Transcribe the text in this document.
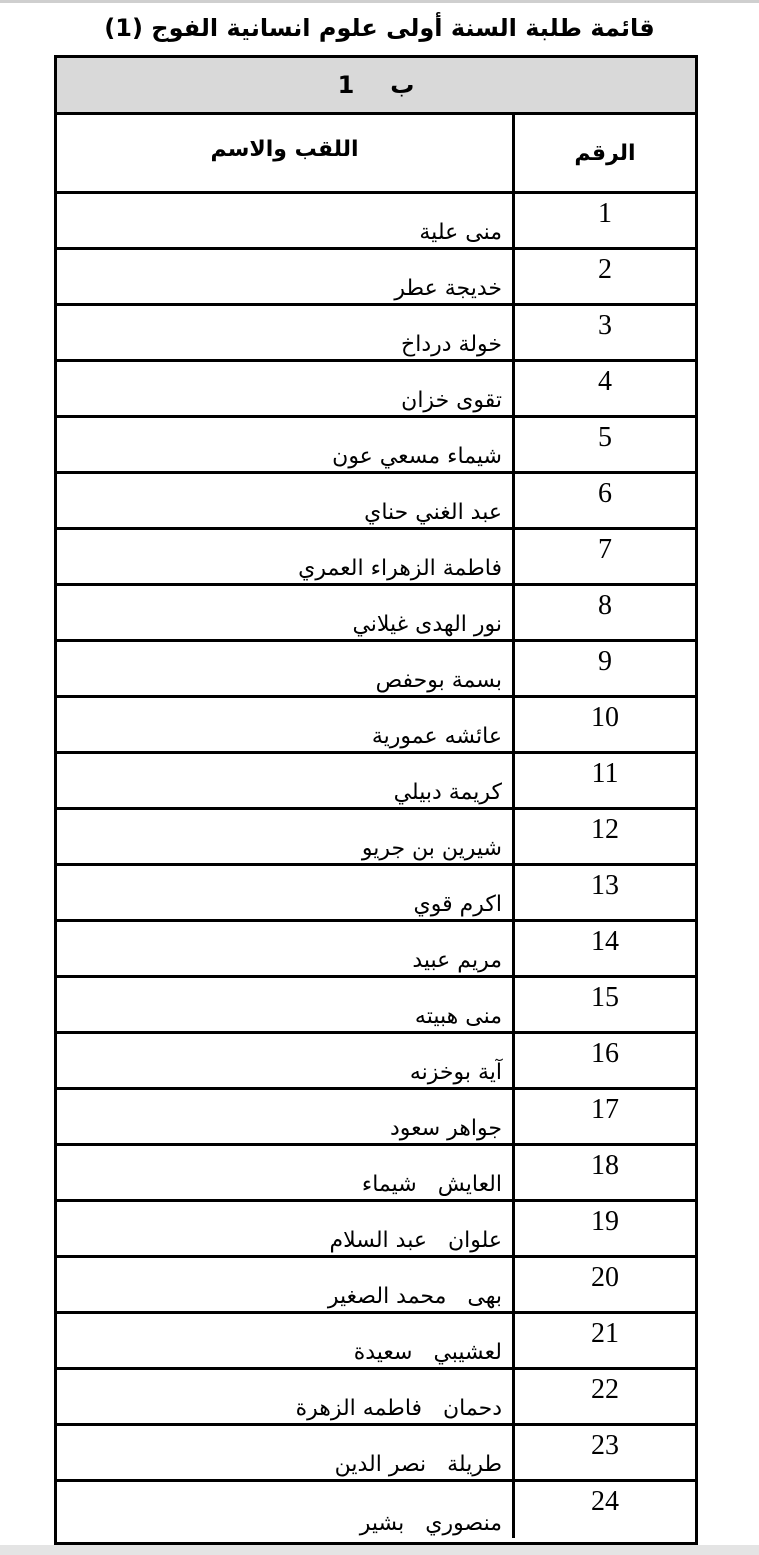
قائمة طلبة السنة أولى علوم انسانية الفوج (1)
ب
1
الرقم
اللقب والاسم
1
منى علية
2
خديجة عطر
3
خولة درداخ
4
تقوى خزان
5
شيماء مسعي عون
6
عبد الغني حناي
7
فاطمة الزهراء العمري
8
نور الهدى غيلاني
9
بسمة بوحفص
10
عائشه عمورية
11
كريمة دبيلي
12
شيرين بن جريو
13
اكرم قوي
14
مريم عبيد
15
منى هبيته
16
آية بوخزنه
17
جواهر سعود
18
العايش   شيماء
19
علوان   عبد السلام
20
بهى   محمد الصغير
21
لعشيبي   سعيدة
22
دحمان   فاطمه الزهرة
23
طريلة   نصر الدين
24
منصوري   بشير
